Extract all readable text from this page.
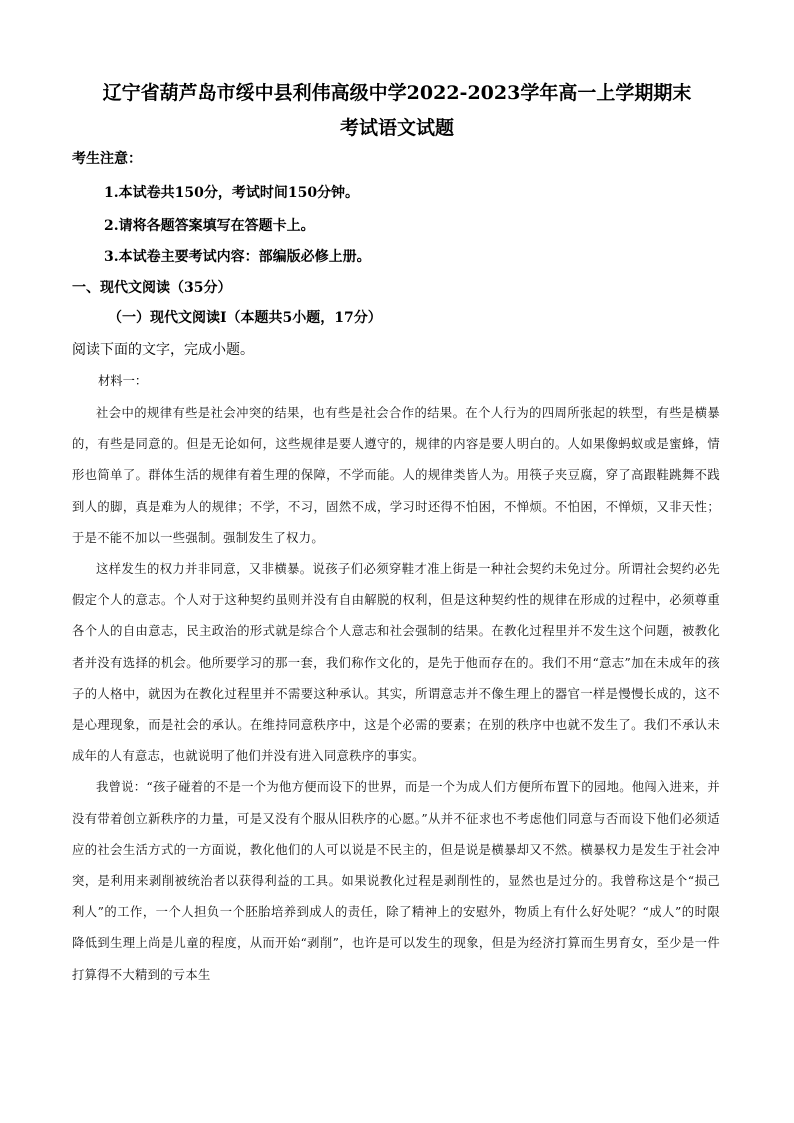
辽宁省葫芦岛市绥中县利伟高级中学2022-2023学年高一上学期期末
考试语文试题
考生注意：
1.本试卷共150分，考试时间150分钟。
2.请将各题答案填写在答题卡上。
3.本试卷主要考试内容：部编版必修上册。
一、现代文阅读（35分）
（一）现代文阅读Ⅰ（本题共5小题，17分）
阅读下面的文字，完成小题。
材料一：

社会中的规律有些是社会冲突的结果，也有些是社会合作的结果。在个人行为的四周所张起的轶型，有些是横暴的，有些是同意的。但是无论如何，这些规律是要人遵守的，规律的内容是要人明白的。人如果像蚂蚁或是蜜蜂，情形也简单了。群体生活的规律有着生理的保障，不学而能。人的规律类皆人为。用筷子夹豆腐，穿了高跟鞋跳舞不践到人的脚，真是难为人的规律；不学，不习，固然不成，学习时还得不怕困，不惮烦。不怕困，不惮烦，又非天性；于是不能不加以一些强制。强制发生了权力。

这样发生的权力并非同意，又非横暴。说孩子们必须穿鞋才准上街是一种社会契约未免过分。所谓社会契约必先假定个人的意志。个人对于这种契约虽则并没有自由解脱的权利，但是这种契约性的规律在形成的过程中，必须尊重各个人的自由意志，民主政治的形式就是综合个人意志和社会强制的结果。在教化过程里并不发生这个问题，被教化者并没有选择的机会。他所要学习的那一套，我们称作文化的，是先于他而存在的。我们不用“意志”加在未成年的孩子的人格中，就因为在教化过程里并不需要这种承认。其实，所谓意志并不像生理上的器官一样是慢慢长成的，这不是心理现象，而是社会的承认。在维持同意秩序中，这是个必需的要素；在别的秩序中也就不发生了。我们不承认未成年的人有意志，也就说明了他们并没有进入同意秩序的事实。

我曾说：“孩子碰着的不是一个为他方便而设下的世界，而是一个为成人们方便所布置下的园地。他闯入进来，并没有带着创立新秩序的力量，可是又没有个服从旧秩序的心愿。”从并不征求也不考虑他们同意与否而设下他们必须适应的社会生活方式的一方面说，教化他们的人可以说是不民主的，但是说是横暴却又不然。横暴权力是发生于社会冲突，是利用来剥削被统治者以获得利益的工具。如果说教化过程是剥削性的，显然也是过分的。我曾称这是个“损己利人”的工作，一个人担负一个胚胎培养到成人的责任，除了精神上的安慰外，物质上有什么好处呢？“成人”的时限降低到生理上尚是儿童的程度，从而开始“剥削”，也许是可以发生的现象，但是为经济打算而生男育女，至少是一件打算得不大精到的亏本生
